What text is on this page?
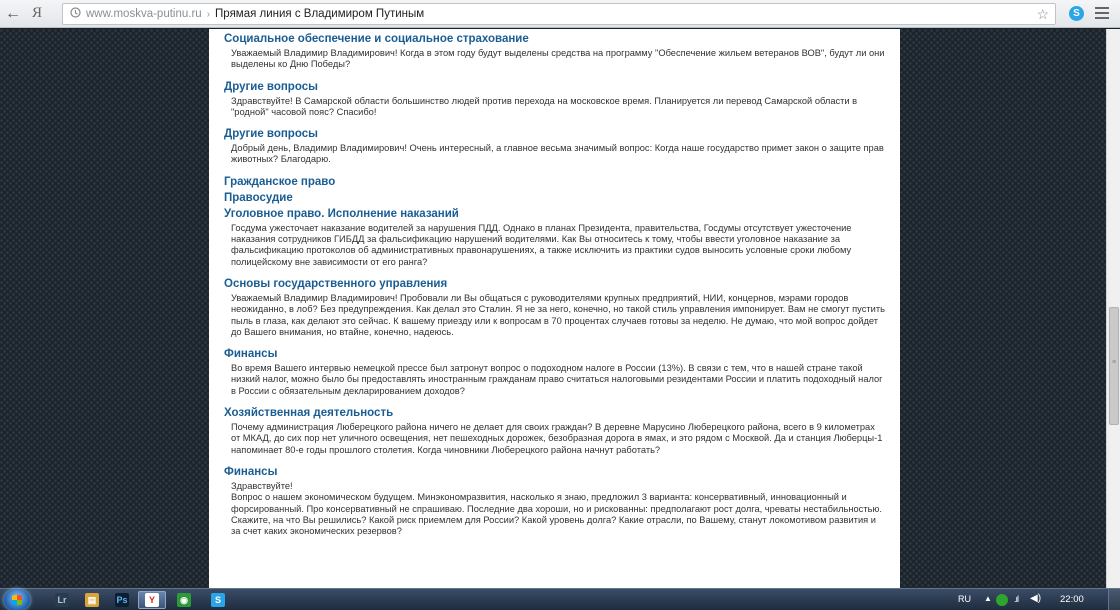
← Я	www.moskva-putinu.ru › Прямая линия с Владимиром Путиным	☆	S
Социальное обеспечение и социальное страхование

Уважаемый Владимир Владимирович! Когда в этом году будут выделены средства на программу "Обеспечение жильем ветеранов ВОВ", будут ли они выделены ко Дню Победы?

Другие вопросы

Здравствуйте! В Самарской области большинство людей против перехода на московское время. Планируется ли перевод Самарской области в "родной" часовой пояс? Спасибо!

Другие вопросы

Добрый день, Владимир Владимирович! Очень интересный, а главное весьма значимый вопрос: Когда наше государство примет закон о защите прав животных? Благодарю.

Гражданское право
Правосудие
Уголовное право. Исполнение наказаний

Госдума ужесточает наказание водителей за нарушения ПДД. Однако в планах Президента, правительства, Госдумы отсутствует ужесточение наказания сотрудников ГИБДД за фальсификацию нарушений водителями. Как Вы относитесь к тому, чтобы ввести уголовное наказание за фальсификацию протоколов об административных правонарушениях, а также исключить из практики судов выносить условные сроки любому полицейскому вне зависимости от его ранга?

Основы государственного управления

Уважаемый Владимир Владимирович! Пробовали ли Вы общаться с руководителями крупных предприятий, НИИ, концернов, мэрами городов неожиданно, в лоб? Без предупреждения. Как делал это Сталин. Я не за него, конечно, но такой стиль управления импонирует. Вам не смогут пустить пыль в глаза, как делают это сейчас. К вашему приезду или к вопросам в 70 процентах случаев готовы за неделю. Не думаю, что мой вопрос дойдет до Вашего внимания, но втайне, конечно, надеюсь.

Финансы

Во время Вашего интервью немецкой прессе был затронут вопрос о подоходном налоге в России (13%). В связи с тем, что в нашей стране такой низкий налог, можно было бы предоставлять иностранным гражданам право считаться налоговыми резидентами России и платить подоходный налог в России с обязательным декларированием доходов?

Хозяйственная деятельность

Почему администрация Люберецкого района ничего не делает для своих граждан? В деревне Марусино Люберецкого района, всего в 9 километрах от МКАД, до сих пор нет уличного освещения, нет пешеходных дорожек, безобразная дорога в ямах, и это рядом с Москвой. Да и станция Люберцы-1 напоминает 80-е годы прошлого столетия. Когда чиновники Люберецкого района начнут работать?

Финансы

Здравствуйте!

Вопрос о нашем экономическом будущем. Минэкономразвития, насколько я знаю, предложил 3 варианта: консервативный, инновационный и форсированный. Про консервативный не спрашиваю. Последние два хороши, но и рискованны: предполагают рост долга, чреваты нестабильностью.

Скажите, на что Вы решились? Какой риск приемлем для России? Какой уровень долга? Какие отрасли, по Вашему, станут локомотивом развития и за счет каких экономических резервов?

≡
Lr	▤	Ps	Y	◉	S	RU ▲ .ıl ◀) 22:00
